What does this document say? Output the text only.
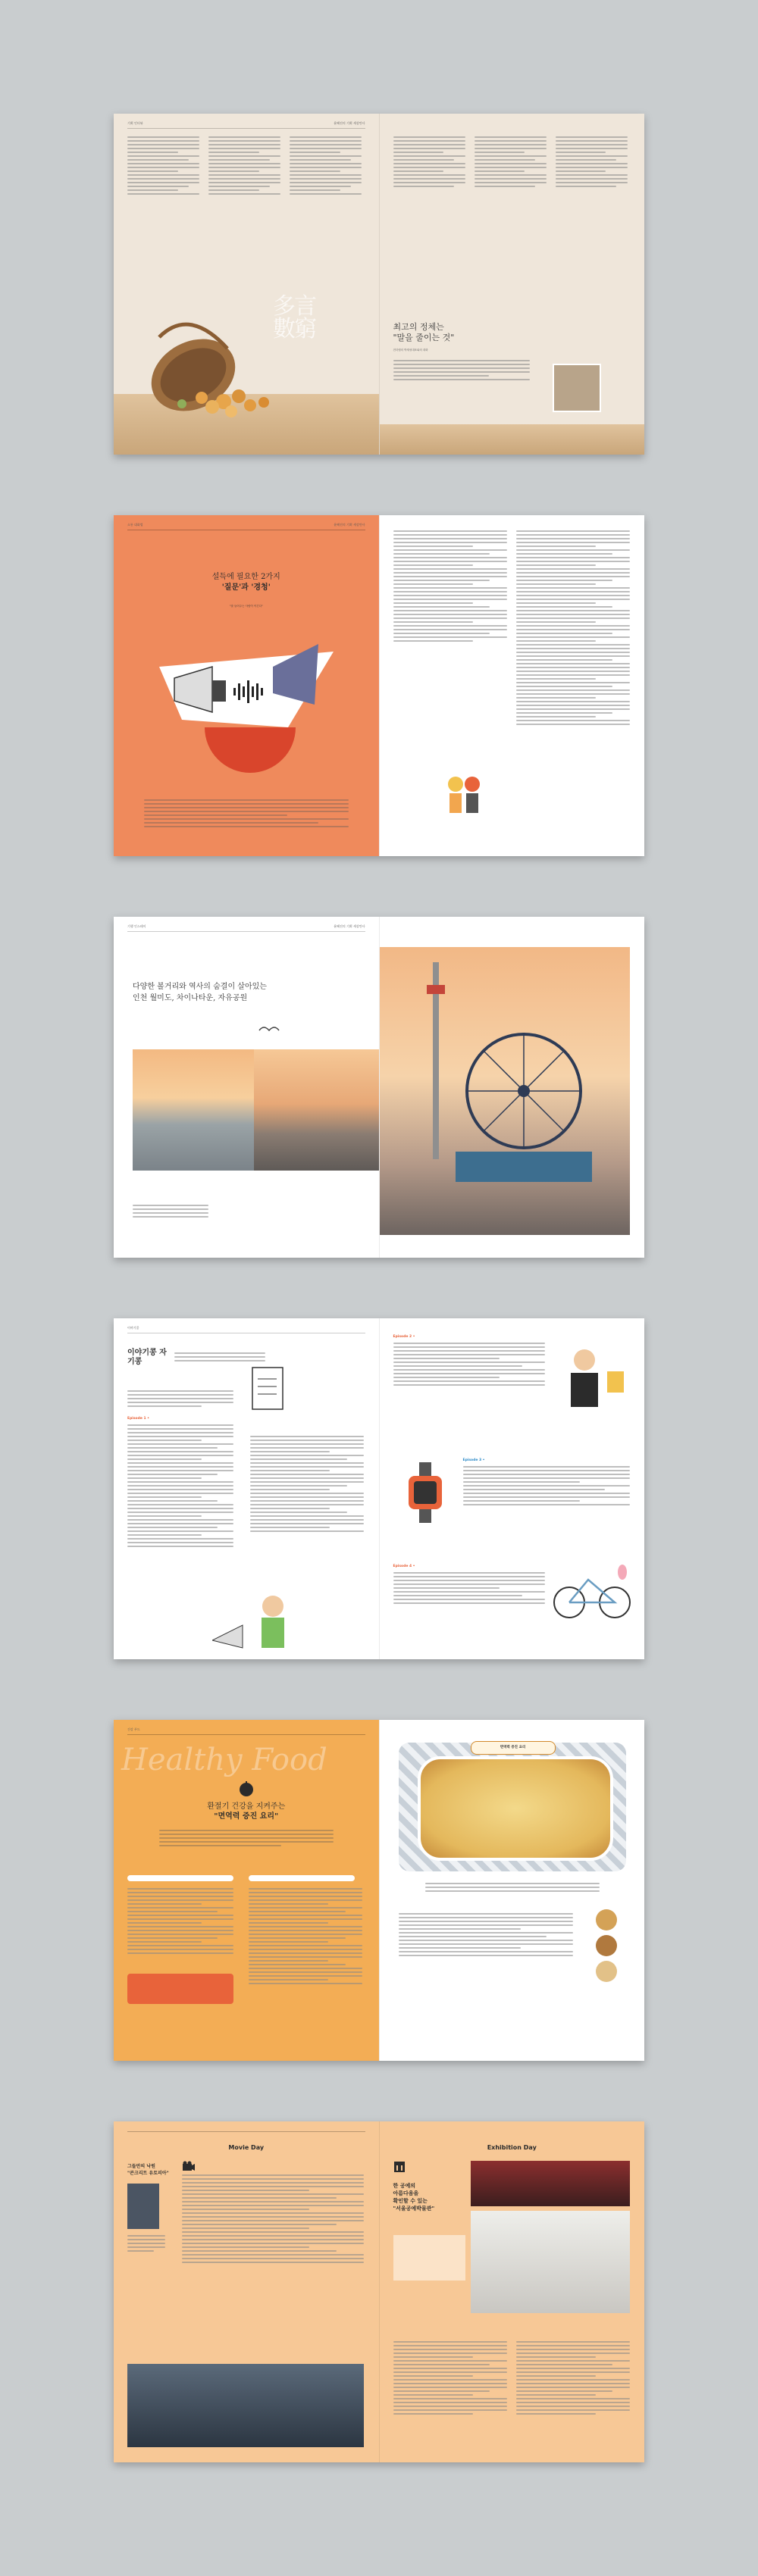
기획 인터뷰	윤혜진의 기획 세상만사
多言數窮	최고의 정체는
"말을 줄이는 것"
전더랩의 박재성대표와의 대화
소통 대화법	윤혜진의 기획 세상만사
설득에 필요한 2가지
'질문'과 '경청'
"잘 들어주는 사람이 이긴다"
기행 인스테이	윤혜진의 기획 세상만사
다양한 볼거리와 역사의 숨결이 살아있는
인천 월미도, 차이나타운, 자유공원
이야기콩
이야기콩 자기콩
Episode 1 •
Episode 2 •
Episode 3 •
Episode 4 •
건강 푸드
Healthy Food
환절기 건강을 지켜주는
"면역력 증진 요리"
면역력 증진 요리
Movie Day
그들만의 낙원
"콘크리트 유토피아"
Exhibition Day
한 공예의
아름다움을
확인할 수 있는
"서울공예박물관"
